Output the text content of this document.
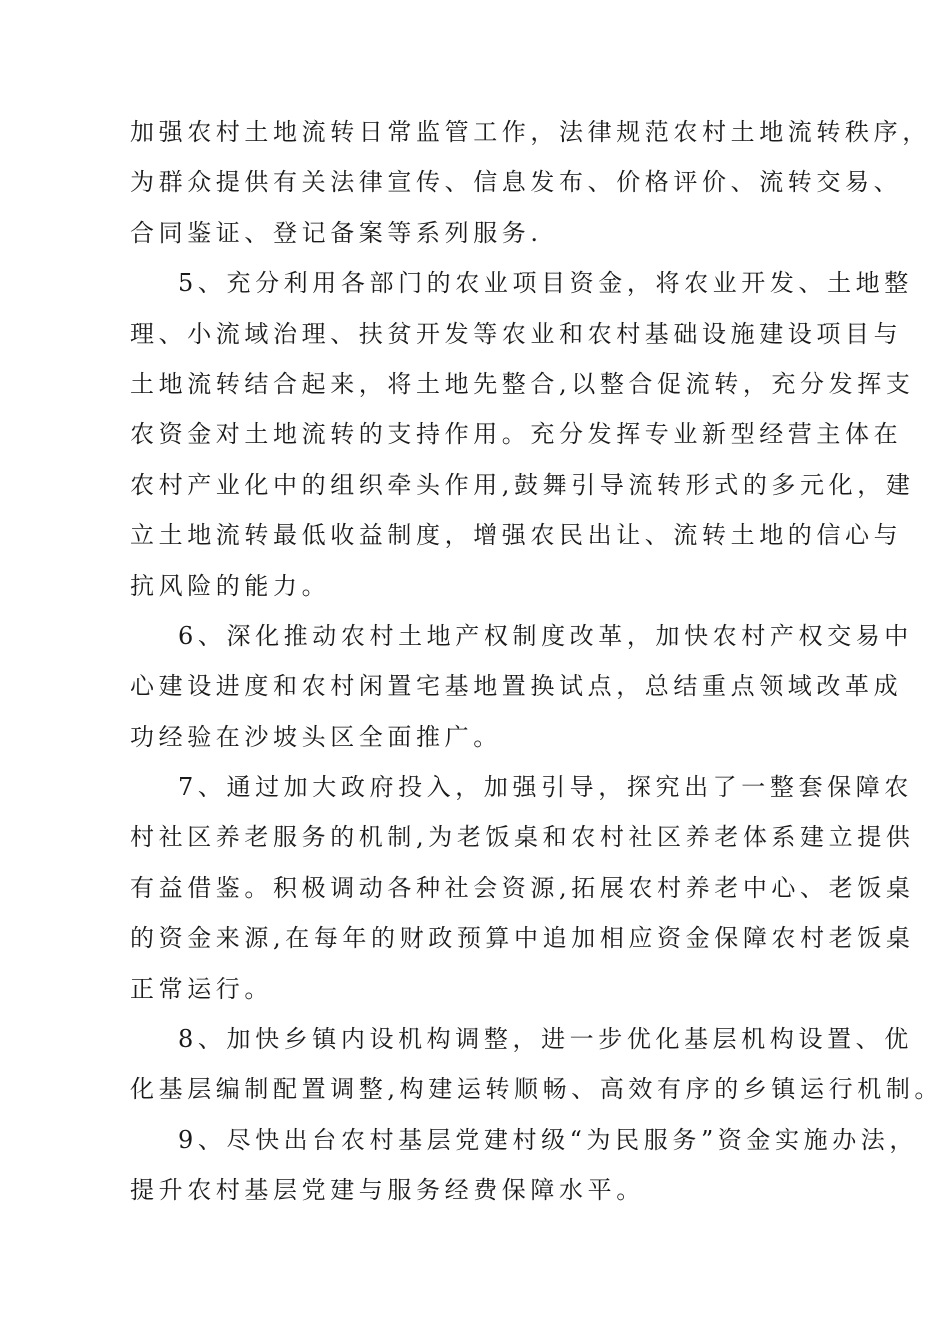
加强农村土地流转日常监管工作，法律规范农村土地流转秩序，
为群众提供有关法律宣传、信息发布、价格评价、流转交易、
合同鉴证、登记备案等系列服务.
5、充分利用各部门的农业项目资金，将农业开发、土地整
理、小流域治理、扶贫开发等农业和农村基础设施建设项目与
土地流转结合起来，将土地先整合,以整合促流转，充分发挥支
农资金对土地流转的支持作用。充分发挥专业新型经营主体在
农村产业化中的组织牵头作用,鼓舞引导流转形式的多元化，建
立土地流转最低收益制度，增强农民出让、流转土地的信心与
抗风险的能力。
6、深化推动农村土地产权制度改革，加快农村产权交易中
心建设进度和农村闲置宅基地置换试点，总结重点领域改革成
功经验在沙坡头区全面推广。
7、通过加大政府投入，加强引导，探究出了一整套保障农
村社区养老服务的机制,为老饭桌和农村社区养老体系建立提供
有益借鉴。积极调动各种社会资源,拓展农村养老中心、老饭桌
的资金来源,在每年的财政预算中追加相应资金保障农村老饭桌
正常运行。
8、加快乡镇内设机构调整，进一步优化基层机构设置、优
化基层编制配置调整,构建运转顺畅、高效有序的乡镇运行机制。
9、尽快出台农村基层党建村级“为民服务”资金实施办法，
提升农村基层党建与服务经费保障水平。
